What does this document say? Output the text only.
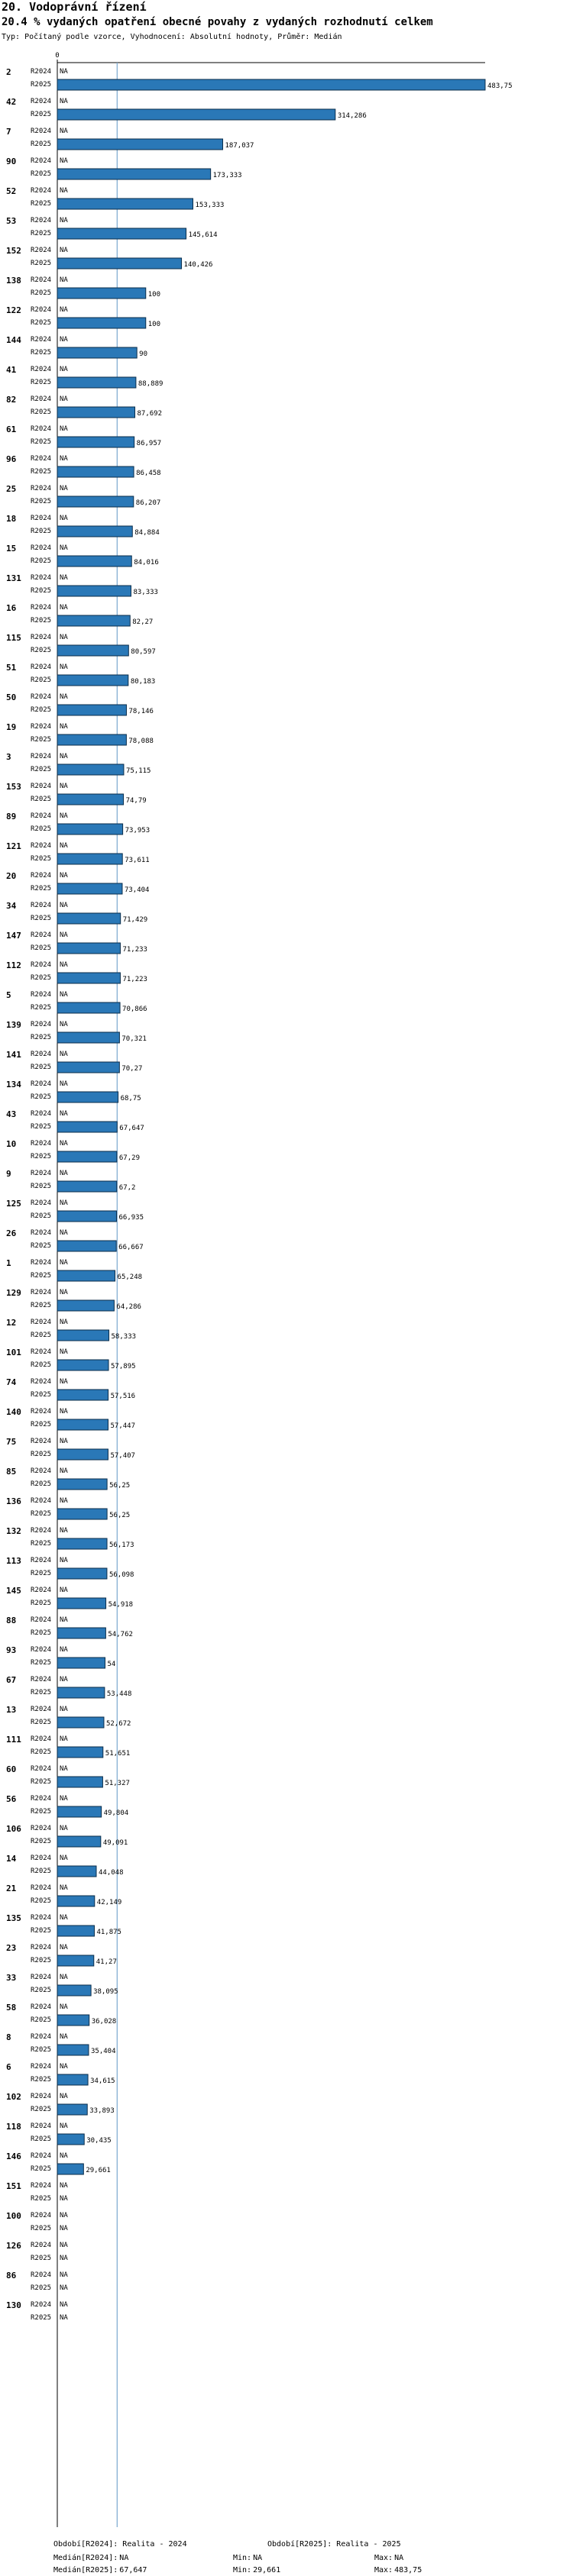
20. Vodoprávní řízení
20.4 % vydaných opatření obecné povahy z vydaných rozhodnutí celkem
Typ: Počítaný podle vzorce, Vyhodnocení: Absolutní hodnoty, Průměr: Medián
0
2	R2024 NA
R2025	483,75
42 R2024 NA
R2025	314,286
7	R2024 NA
R2025	187,037
90 R2024 NA
R2025	173,333
52 R2024 NA
R2025	153,333
53 R2024 NA
R2025	145,614
152 R2024 NA
R2025	140,426
138 R2024 NA
R2025	100
122 R2024 NA
R2025	100
144 R2024 NA
R2025	90
41 R2024 NA
R2025	88,889
82 R2024 NA
R2025	87,692
61 R2024 NA
R2025	86,957
96 R2024 NA
R2025	86,458
25 R2024 NA
R2025	86,207
18 R2024 NA
R2025	84,884
15 R2024 NA
R2025	84,016
131 R2024 NA
R2025	83,333
16 R2024 NA
R2025	82,27
115 R2024 NA
R2025	80,597
51 R2024 NA
R2025	80,183
50 R2024 NA
R2025	78,146
19 R2024 NA
R2025	78,088
3	R2024 NA
R2025	75,115
153 R2024 NA
R2025	74,79
89 R2024 NA
R2025	73,953
121 R2024 NA
R2025	73,611
20 R2024 NA
R2025	73,404
34 R2024 NA
R2025	71,429
147 R2024 NA
R2025	71,233
112 R2024 NA
R2025	71,223
5	R2024 NA
R2025	70,866
139 R2024 NA
R2025	70,321
141 R2024 NA
R2025	70,27
134 R2024 NA
R2025	68,75
43 R2024 NA
R2025	67,647
10 R2024 NA
R2025	67,29
9	R2024 NA
R2025	67,2
125 R2024 NA
R2025	66,935
26 R2024 NA
R2025	66,667
1	R2024 NA
R2025	65,248
129 R2024 NA
R2025	64,286
12 R2024 NA
R2025	58,333
101 R2024 NA
R2025	57,895
74 R2024 NA
R2025	57,516
140 R2024 NA
R2025	57,447
75 R2024 NA
R2025	57,407
85 R2024 NA
R2025	56,25
136 R2024 NA
R2025	56,25
132 R2024 NA
R2025	56,173
113 R2024 NA
R2025	56,098
145 R2024 NA
R2025	54,918
88 R2024 NA
R2025	54,762
93 R2024 NA
R2025	54
67 R2024 NA
R2025	53,448
13 R2024 NA
R2025	52,672
111 R2024 NA
R2025	51,651
60 R2024 NA
R2025	51,327
56 R2024 NA
R2025	49,804
106 R2024 NA
R2025	49,091
14 R2024 NA
R2025	44,048
21 R2024 NA
R2025	42,149
135 R2024 NA
R2025	41,875
23 R2024 NA
R2025	41,27
33 R2024 NA
R2025	38,095
58 R2024 NA
R2025	36,028
8	R2024 NA
R2025	35,404
6	R2024 NA
R2025	34,615
102 R2024 NA
R2025	33,893
118 R2024 NA
R2025	30,435
146 R2024 NA
R2025	29,661
151 R2024 NA
R2025 NA
100 R2024 NA
R2025 NA
126 R2024 NA
R2025 NA
86 R2024 NA
R2025 NA
130 R2024 NA
R2025 NA
Období[R2024]: Realita - 2024	Období[R2025]: Realita - 2025
Medián[R2024]: NA	Min: NA	Max: NA
Medián[R2025]: 67,647	Min: 29,661	Max: 483,75
